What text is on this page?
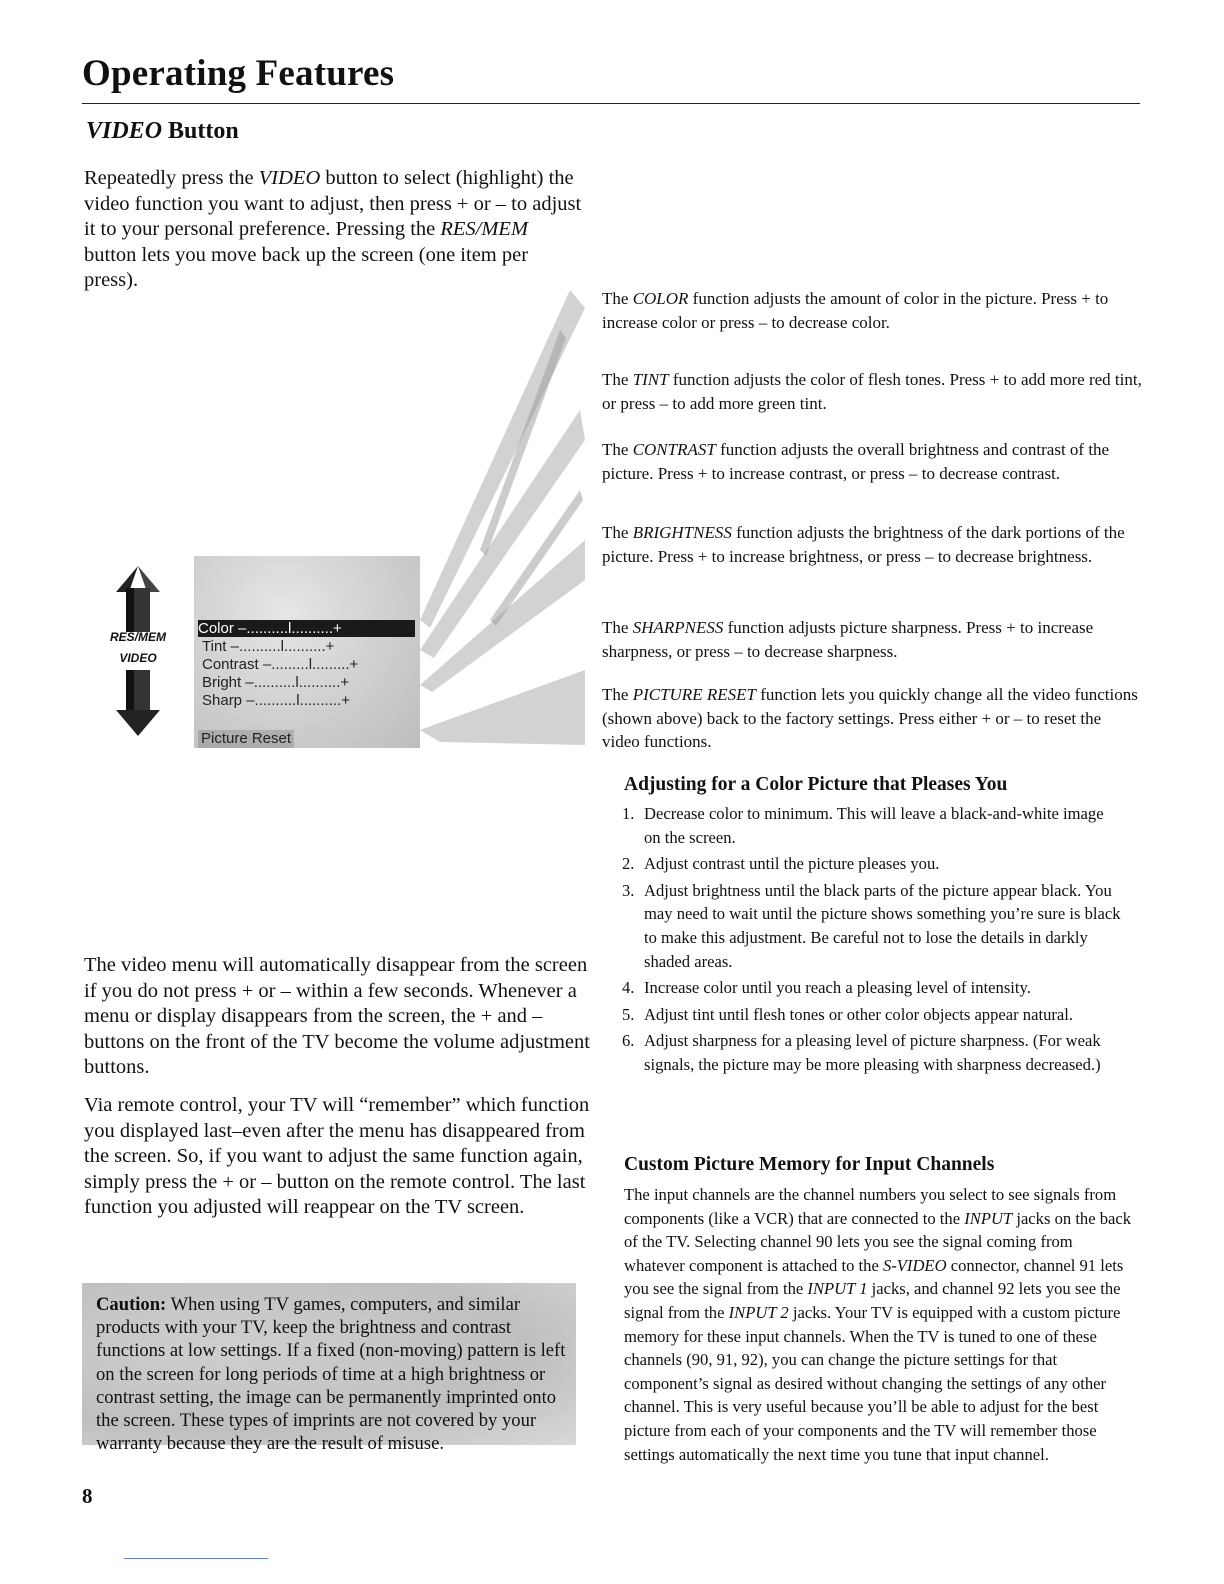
Operating Features
VIDEO Button

Repeatedly press the VIDEO button to select (highlight) the video function you want to adjust, then press + or – to adjust it to your personal preference. Pressing the RES/MEM button lets you move back up the screen (one item per press).

RES/MEM
VIDEO
Color –..........l..........+
Tint –..........l..........+
Contrast –.........l.........+
Bright –..........l..........+
Sharp –..........l..........+
Picture Reset

The COLOR function adjusts the amount of color in the picture. Press + to increase color or press – to decrease color.

The TINT function adjusts the color of flesh tones. Press + to add more red tint, or press – to add more green tint.

The CONTRAST function adjusts the overall brightness and contrast of the picture. Press + to increase contrast, or press – to decrease contrast.

The BRIGHTNESS function adjusts the brightness of the dark portions of the picture. Press + to increase brightness, or press – to decrease brightness.

The SHARPNESS function adjusts picture sharpness. Press + to increase sharpness, or press – to decrease sharpness.

The PICTURE RESET function lets you quickly change all the video functions (shown above) back to the factory settings. Press either + or – to reset the video functions.

Adjusting for a Color Picture that Pleases You
1. Decrease color to minimum. This will leave a black-and-white image on the screen.
2. Adjust contrast until the picture pleases you.
3. Adjust brightness until the black parts of the picture appear black. You may need to wait until the picture shows something you’re sure is black to make this adjustment. Be careful not to lose the details in darkly shaded areas.
4. Increase color until you reach a pleasing level of intensity.
5. Adjust tint until flesh tones or other color objects appear natural.
6. Adjust sharpness for a pleasing level of picture sharpness. (For weak signals, the picture may be more pleasing with sharpness decreased.)

The video menu will automatically disappear from the screen if you do not press + or – within a few seconds. Whenever a menu or display disappears from the screen, the + and – buttons on the front of the TV become the volume adjustment buttons.

Via remote control, your TV will “remember” which function you displayed last–even after the menu has disappeared from the screen. So, if you want to adjust the same function again, simply press the + or – button on the remote control. The last function you adjusted will reappear on the TV screen.

Caution: When using TV games, computers, and similar products with your TV, keep the brightness and contrast functions at low settings. If a fixed (non-moving) pattern is left on the screen for long periods of time at a high brightness or contrast setting, the image can be permanently imprinted onto the screen. These types of imprints are not covered by your warranty because they are the result of misuse.

Custom Picture Memory for Input Channels

The input channels are the channel numbers you select to see signals from components (like a VCR) that are connected to the INPUT jacks on the back of the TV. Selecting channel 90 lets you see the signal coming from whatever component is attached to the S-VIDEO connector, channel 91 lets you see the signal from the INPUT 1 jacks, and channel 92 lets you see the signal from the INPUT 2 jacks. Your TV is equipped with a custom picture memory for these input channels. When the TV is tuned to one of these channels (90, 91, 92), you can change the picture settings for that component’s signal as desired without changing the settings of any other channel. This is very useful because you’ll be able to adjust for the best picture from each of your components and the TV will remember those settings automatically the next time you tune that input channel.

8
